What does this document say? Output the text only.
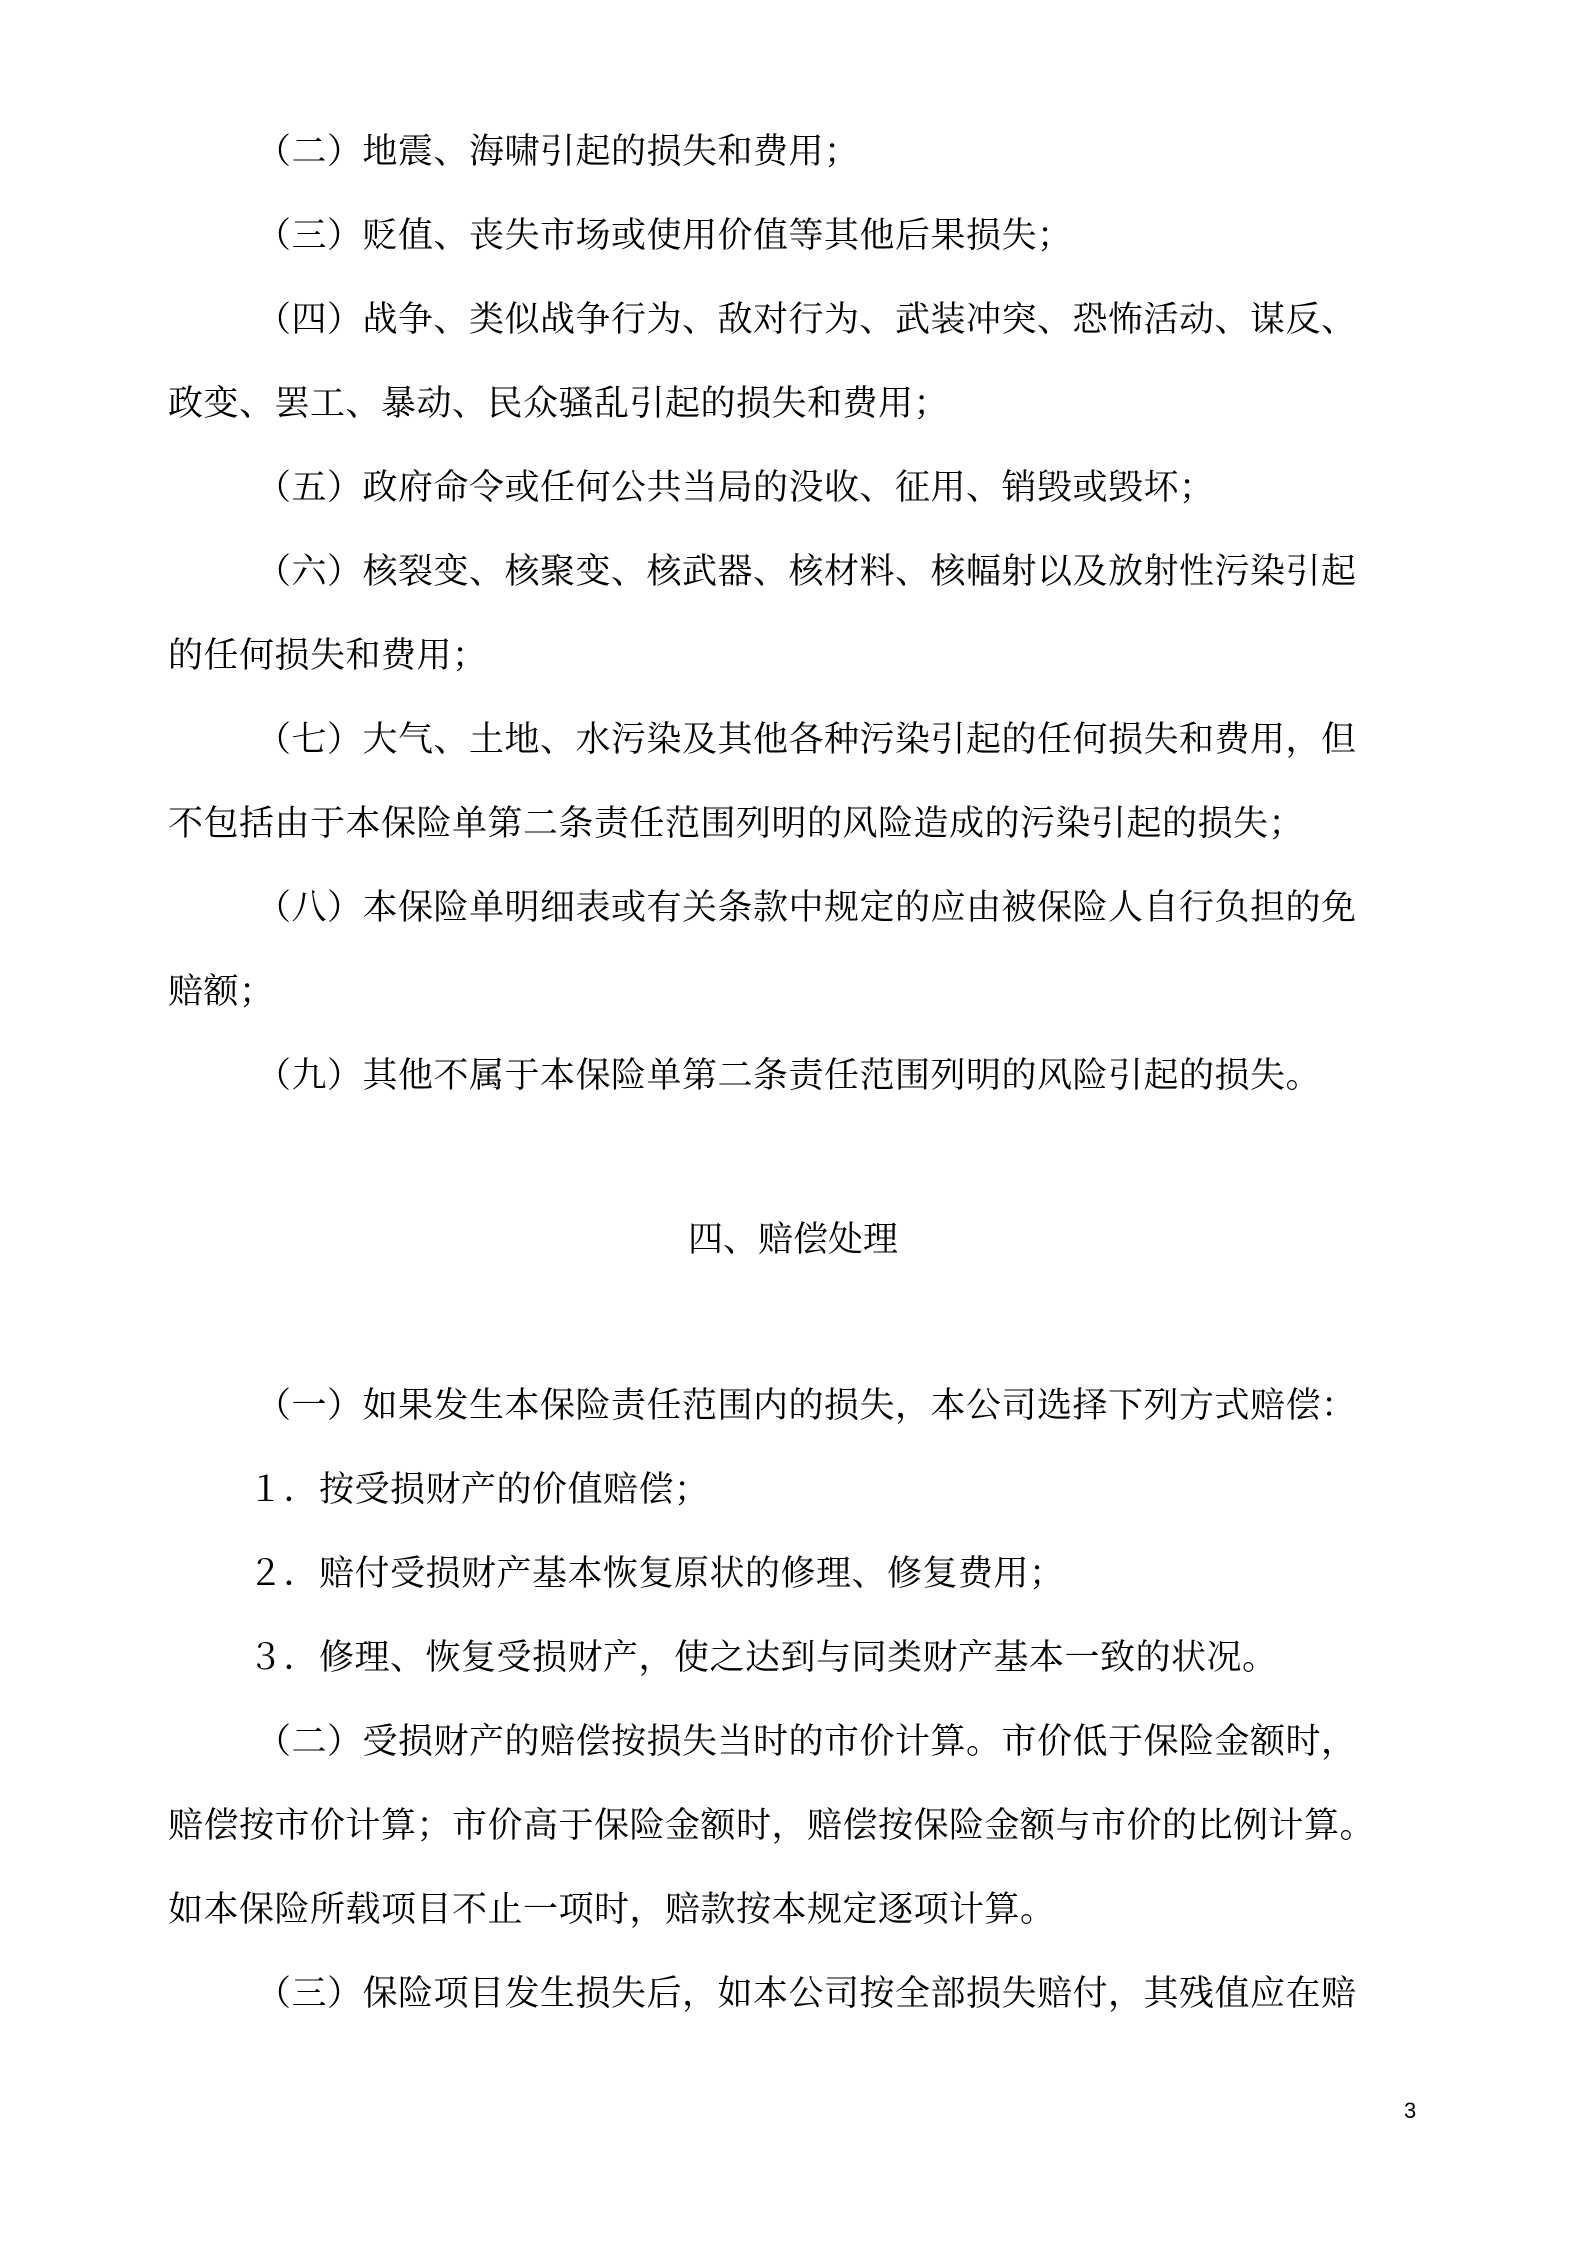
（二）地震、海啸引起的损失和费用；
（三）贬值、丧失市场或使用价值等其他后果损失；
（四）战争、类似战争行为、敌对行为、武装冲突、恐怖活动、谋反、
政变、罢工、暴动、民众骚乱引起的损失和费用；
（五）政府命令或任何公共当局的没收、征用、销毁或毁坏；
（六）核裂变、核聚变、核武器、核材料、核幅射以及放射性污染引起
的任何损失和费用；
（七）大气、土地、水污染及其他各种污染引起的任何损失和费用，但
不包括由于本保险单第二条责任范围列明的风险造成的污染引起的损失；
（八）本保险单明细表或有关条款中规定的应由被保险人自行负担的免
赔额；
（九）其他不属于本保险单第二条责任范围列明的风险引起的损失。
四、赔偿处理
（一）如果发生本保险责任范围内的损失，本公司选择下列方式赔偿：
１．按受损财产的价值赔偿；
２．赔付受损财产基本恢复原状的修理、修复费用；
３．修理、恢复受损财产，使之达到与同类财产基本一致的状况。
（二）受损财产的赔偿按损失当时的市价计算。市价低于保险金额时，
赔偿按市价计算；市价高于保险金额时，赔偿按保险金额与市价的比例计算。
如本保险所载项目不止一项时，赔款按本规定逐项计算。
（三）保险项目发生损失后，如本公司按全部损失赔付，其残值应在赔
3
